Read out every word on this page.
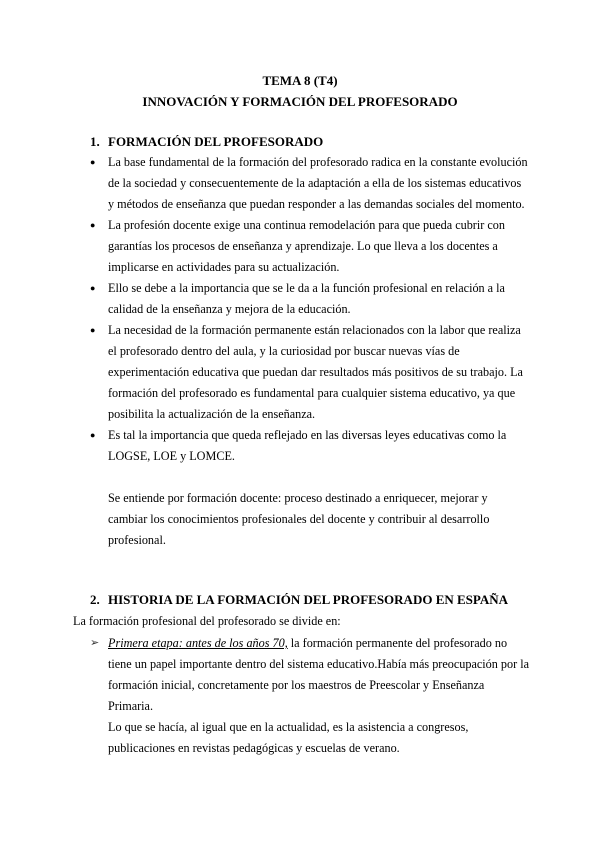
TEMA 8 (T4)
INNOVACIÓN Y FORMACIÓN DEL PROFESORADO
1. FORMACIÓN DEL PROFESORADO
● La base fundamental de la formación del profesorado radica en la constante evolución
de la sociedad y consecuentemente de la adaptación a ella de los sistemas educativos
y métodos de enseñanza que puedan responder a las demandas sociales del momento.
● La profesión docente exige una continua remodelación para que pueda cubrir con
garantías los procesos de enseñanza y aprendizaje. Lo que lleva a los docentes a
implicarse en actividades para su actualización.
● Ello se debe a la importancia que se le da a la función profesional en relación a la
calidad de la enseñanza y mejora de la educación.
● La necesidad de la formación permanente están relacionados con la labor que realiza
el profesorado dentro del aula, y la curiosidad por buscar nuevas vías de
experimentación educativa que puedan dar resultados más positivos de su trabajo. La
formación del profesorado es fundamental para cualquier sistema educativo, ya que
posibilita la actualización de la enseñanza.
● Es tal la importancia que queda reflejado en las diversas leyes educativas como la
LOGSE, LOE y LOMCE.
Se entiende por formación docente: proceso destinado a enriquecer, mejorar y
cambiar los conocimientos profesionales del docente y contribuir al desarrollo
profesional.
2. HISTORIA DE LA FORMACIÓN DEL PROFESORADO EN ESPAÑA
La formación profesional del profesorado se divide en:
➢ Primera etapa: antes de los años 70, la formación permanente del profesorado no
tiene un papel importante dentro del sistema educativo.Había más preocupación por la
formación inicial, concretamente por los maestros de Preescolar y Enseñanza
Primaria.
Lo que se hacía, al igual que en la actualidad, es la asistencia a congresos,
publicaciones en revistas pedagógicas y escuelas de verano.
